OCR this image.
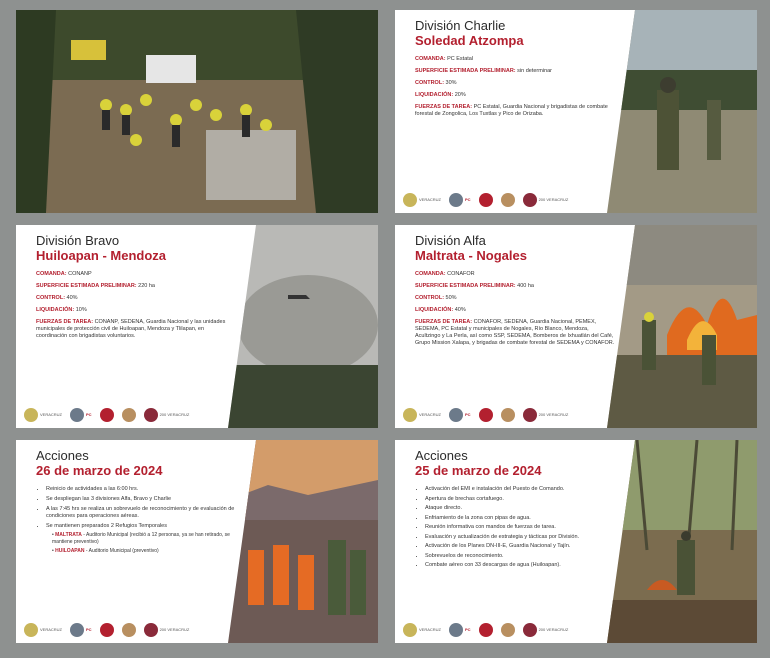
División Charlie

Soledad Atzompa

COMANDA: PC Estatal
SUPERFICIE ESTIMADA PRELIMINAR: sin determinar
CONTROL: 30%
LIQUIDACIÓN: 20%
FUERZAS DE TAREA: PC Estatal, Guardia Nacional y brigadistas de combate forestal de Zongolica, Los Tuxtlas y Pico de Orizaba.
VERACRUZ	PC	200 VERACRUZ

División Bravo

Huiloapan - Mendoza

COMANDA: CONANP
SUPERFICIE ESTIMADA PRELIMINAR: 220 ha
CONTROL: 40%
LIQUIDACIÓN: 10%
FUERZAS DE TAREA: CONANP, SEDENA, Guardia Nacional y las unidades municipales de protección civil de Huiloapan, Mendoza y Tlilapan, en coordinación con brigadistas voluntarios.
VERACRUZ	PC	200 VERACRUZ

División Alfa

Maltrata - Nogales

COMANDA: CONAFOR
SUPERFICIE ESTIMADA PRELIMINAR: 400 ha
CONTROL: 50%
LIQUIDACIÓN: 40%
FUERZAS DE TAREA: CONAFOR, SEDENA, Guardia Nacional, PEMEX, SEDEMA, PC Estatal y municipales de Nogales, Río Blanco, Mendoza, Acultzingo y La Perla, así como SSP, SEDEMA, Bomberos de Ixhuatlán del Café, Grupo Mission Xalapa, y brigadas de combate forestal de SEDEMA y CONAFOR.
VERACRUZ	PC	200 VERACRUZ

Acciones

26 de marzo de 2024

• Reinicio de actividades a las 6:00 hrs.
• Se despliegan las 3 divisiones Alfa, Bravo y Charlie
• A las 7:45 hrs se realiza un sobrevuelo de reconocimiento y de evaluación de condiciones para operaciones aéreas.
• Se mantienen preparados 2 Refugios Temporales
• MALTRATA - Auditorio Municipal (recibió a 12 personas, ya se han retirado, se mantiene preventivo)
• HUILOAPAN - Auditorio Municipal (preventivo)
VERACRUZ	PC	200 VERACRUZ

Acciones

25 de marzo de 2024

• Activación del EMI e instalación del Puesto de Comando.
• Apertura de brechas cortafuego.
• Ataque directo.
• Enfriamiento de la zona con pipas de agua.
• Reunión informativa con mandos de fuerzas de tarea.
• Evaluación y actualización de estrategia y tácticas por División.
• Activación de los Planes DN-III-E, Guardia Nacional y Tajín.
• Sobrevuelos de reconocimiento.
• Combate aéreo con 33 descargas de agua (Huiloapan).
VERACRUZ	PC	200 VERACRUZ
